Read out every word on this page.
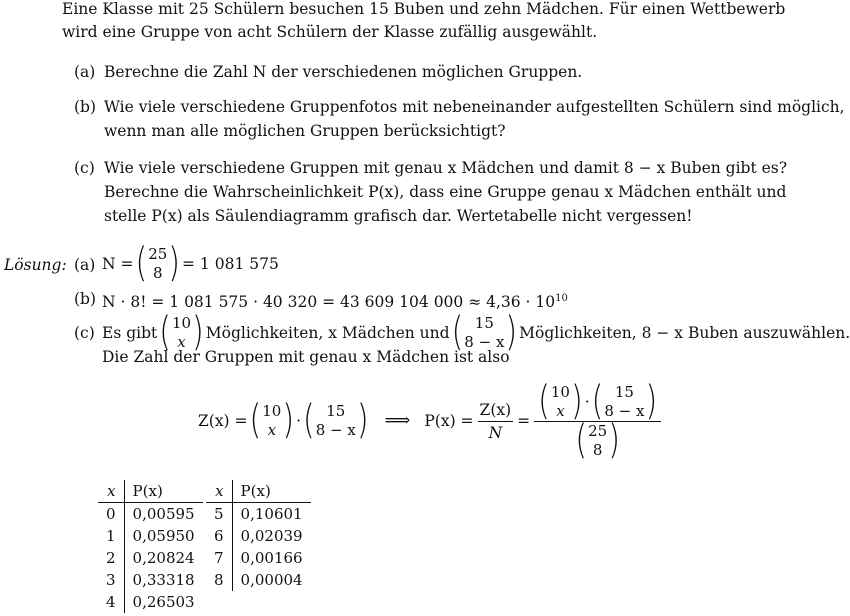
Eine Klasse mit 25 Schülern besuchen 15 Buben und zehn Mädchen. Für einen Wettbewerb
wird eine Gruppe von acht Schülern der Klasse zufällig ausgewählt.
(a) Berechne die Zahl N der verschiedenen möglichen Gruppen.
(b) Wie viele verschiedene Gruppenfotos mit nebeneinander aufgestellten Schülern sind möglich,
wenn man alle möglichen Gruppen berücksichtigt?
(c) Wie viele verschiedene Gruppen mit genau x Mädchen und damit 8 − x Buben gibt es?
Berechne die Wahrscheinlichkeit P(x), dass eine Gruppe genau x Mädchen enthält und
stelle P(x) als Säulendiagramm grafisch dar. Wertetabelle nicht vergessen!
Lösung: (a) N = ( 25
8 ) = 1 081 575
(b) N · 8! = 1 081 575 · 40 320 = 43 609 104 $000 \approx 4,36 \cdot 10^{10}$
(c) Es gibt ( 10
x ) Möglichkeiten, x Mädchen und ( 15
8 − x ) Möglichkeiten, 8 − x Buben auszuwählen.
Die Zahl der Gruppen mit genau x Mädchen ist also
Z(x) = ( 10
x ) · ( 15
8 − x ) ⟹ $P(x) = \frac{Z(x)}{N}$ = ( 10
x ) · ( 15
8 − x )
( 25
8 )
x	P(x)
0	0,00595
1	0,05950
2	0,20824
3	0,33318
4	0,26503
x	P(x)
5	0,10601
6	0,02039
7	0,00166
8	0,00004
